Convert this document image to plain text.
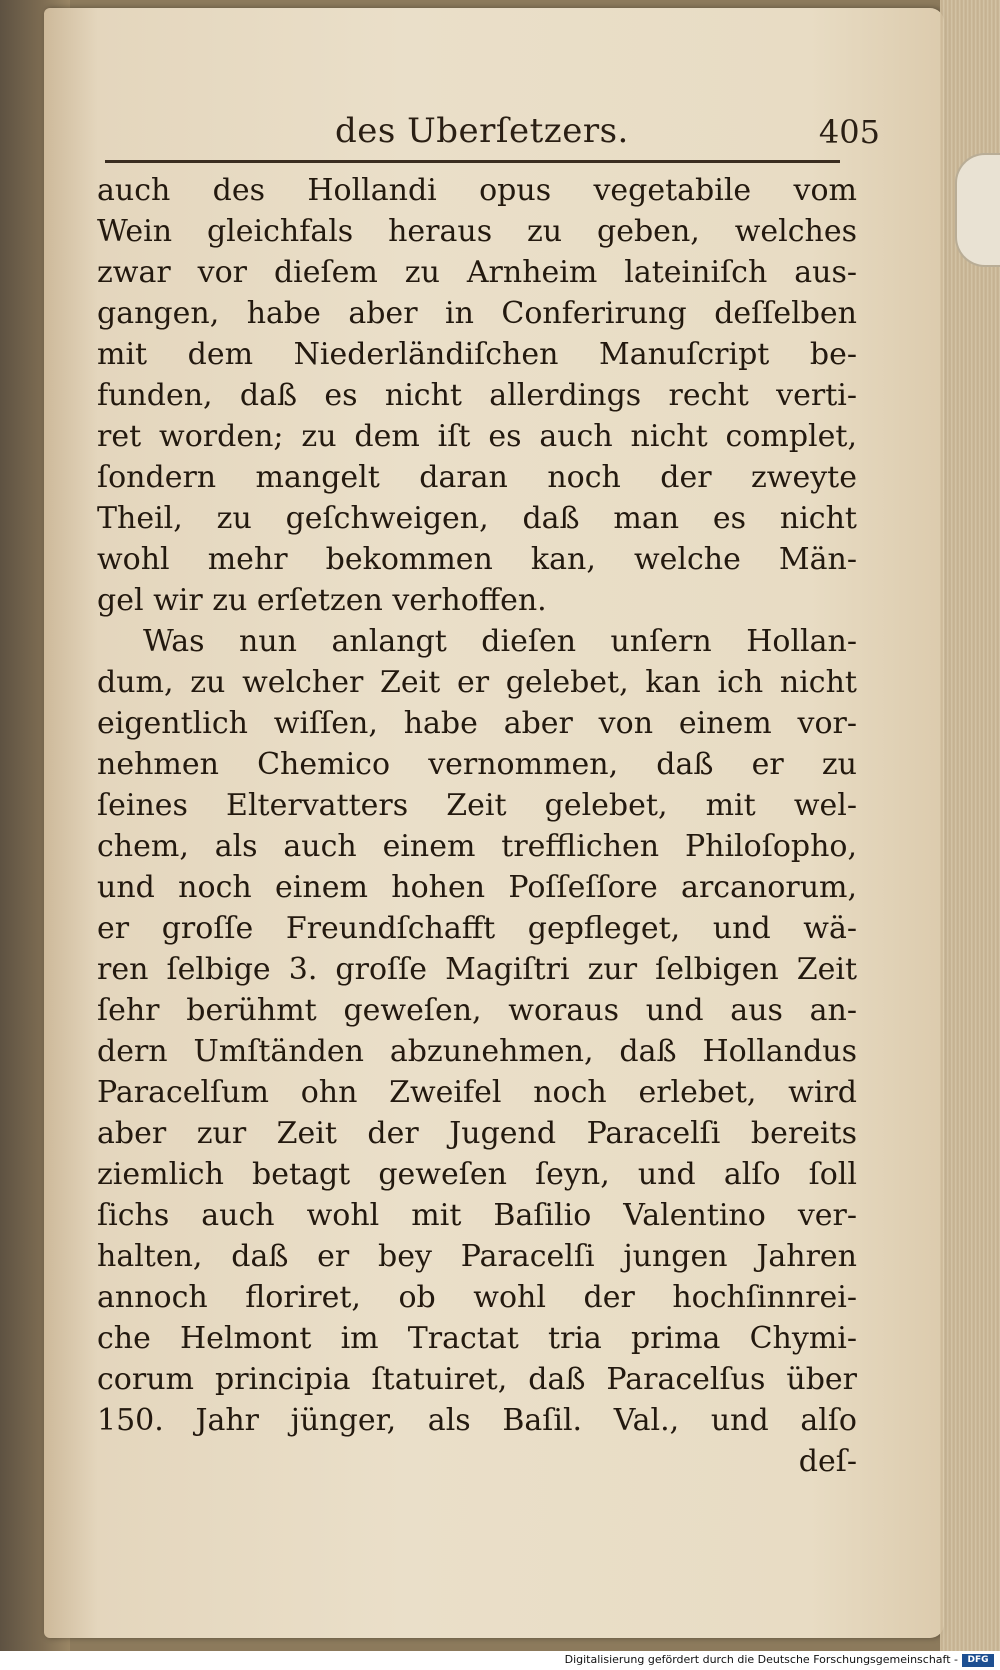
des Uberſetzers.	405
auch des Hollandi opus vegetabile vom
Wein gleichfals heraus zu geben, welches
zwar vor dieſem zu Arnheim lateiniſch aus-
gangen, habe aber in Conferirung deſſelben
mit dem Niederländiſchen Manuſcript be-
funden, daß es nicht allerdings recht verti-
ret worden; zu dem iſt es auch nicht complet,
ſondern mangelt daran noch der zweyte
Theil, zu geſchweigen, daß man es nicht
wohl mehr bekommen kan, welche Män-
gel wir zu erſetzen verhoffen.
Was nun anlangt dieſen unſern Hollan-
dum, zu welcher Zeit er gelebet, kan ich nicht
eigentlich wiſſen, habe aber von einem vor-
nehmen Chemico vernommen, daß er zu
ſeines Eltervatters Zeit gelebet, mit wel-
chem, als auch einem trefflichen Philoſopho,
und noch einem hohen Poſſeſſore arcanorum,
er groſſe Freundſchafft gepfleget, und wä-
ren ſelbige 3. groſſe Magiſtri zur ſelbigen Zeit
ſehr berühmt geweſen, woraus und aus an-
dern Umſtänden abzunehmen, daß Hollandus
Paracelſum ohn Zweifel noch erlebet, wird
aber zur Zeit der Jugend Paracelſi bereits
ziemlich betagt geweſen ſeyn, und alſo ſoll
ſichs auch wohl mit Baſilio Valentino ver-
halten, daß er bey Paracelſi jungen Jahren
annoch floriret, ob wohl der hochſinnrei-
che Helmont im Tractat tria prima Chymi-
corum principia ſtatuiret, daß Paracelſus über
150. Jahr jünger, als Baſil. Val., und alſo
deſ-
Digitalisierung gefördert durch die Deutsche Forschungsgemeinschaft -	DFG
